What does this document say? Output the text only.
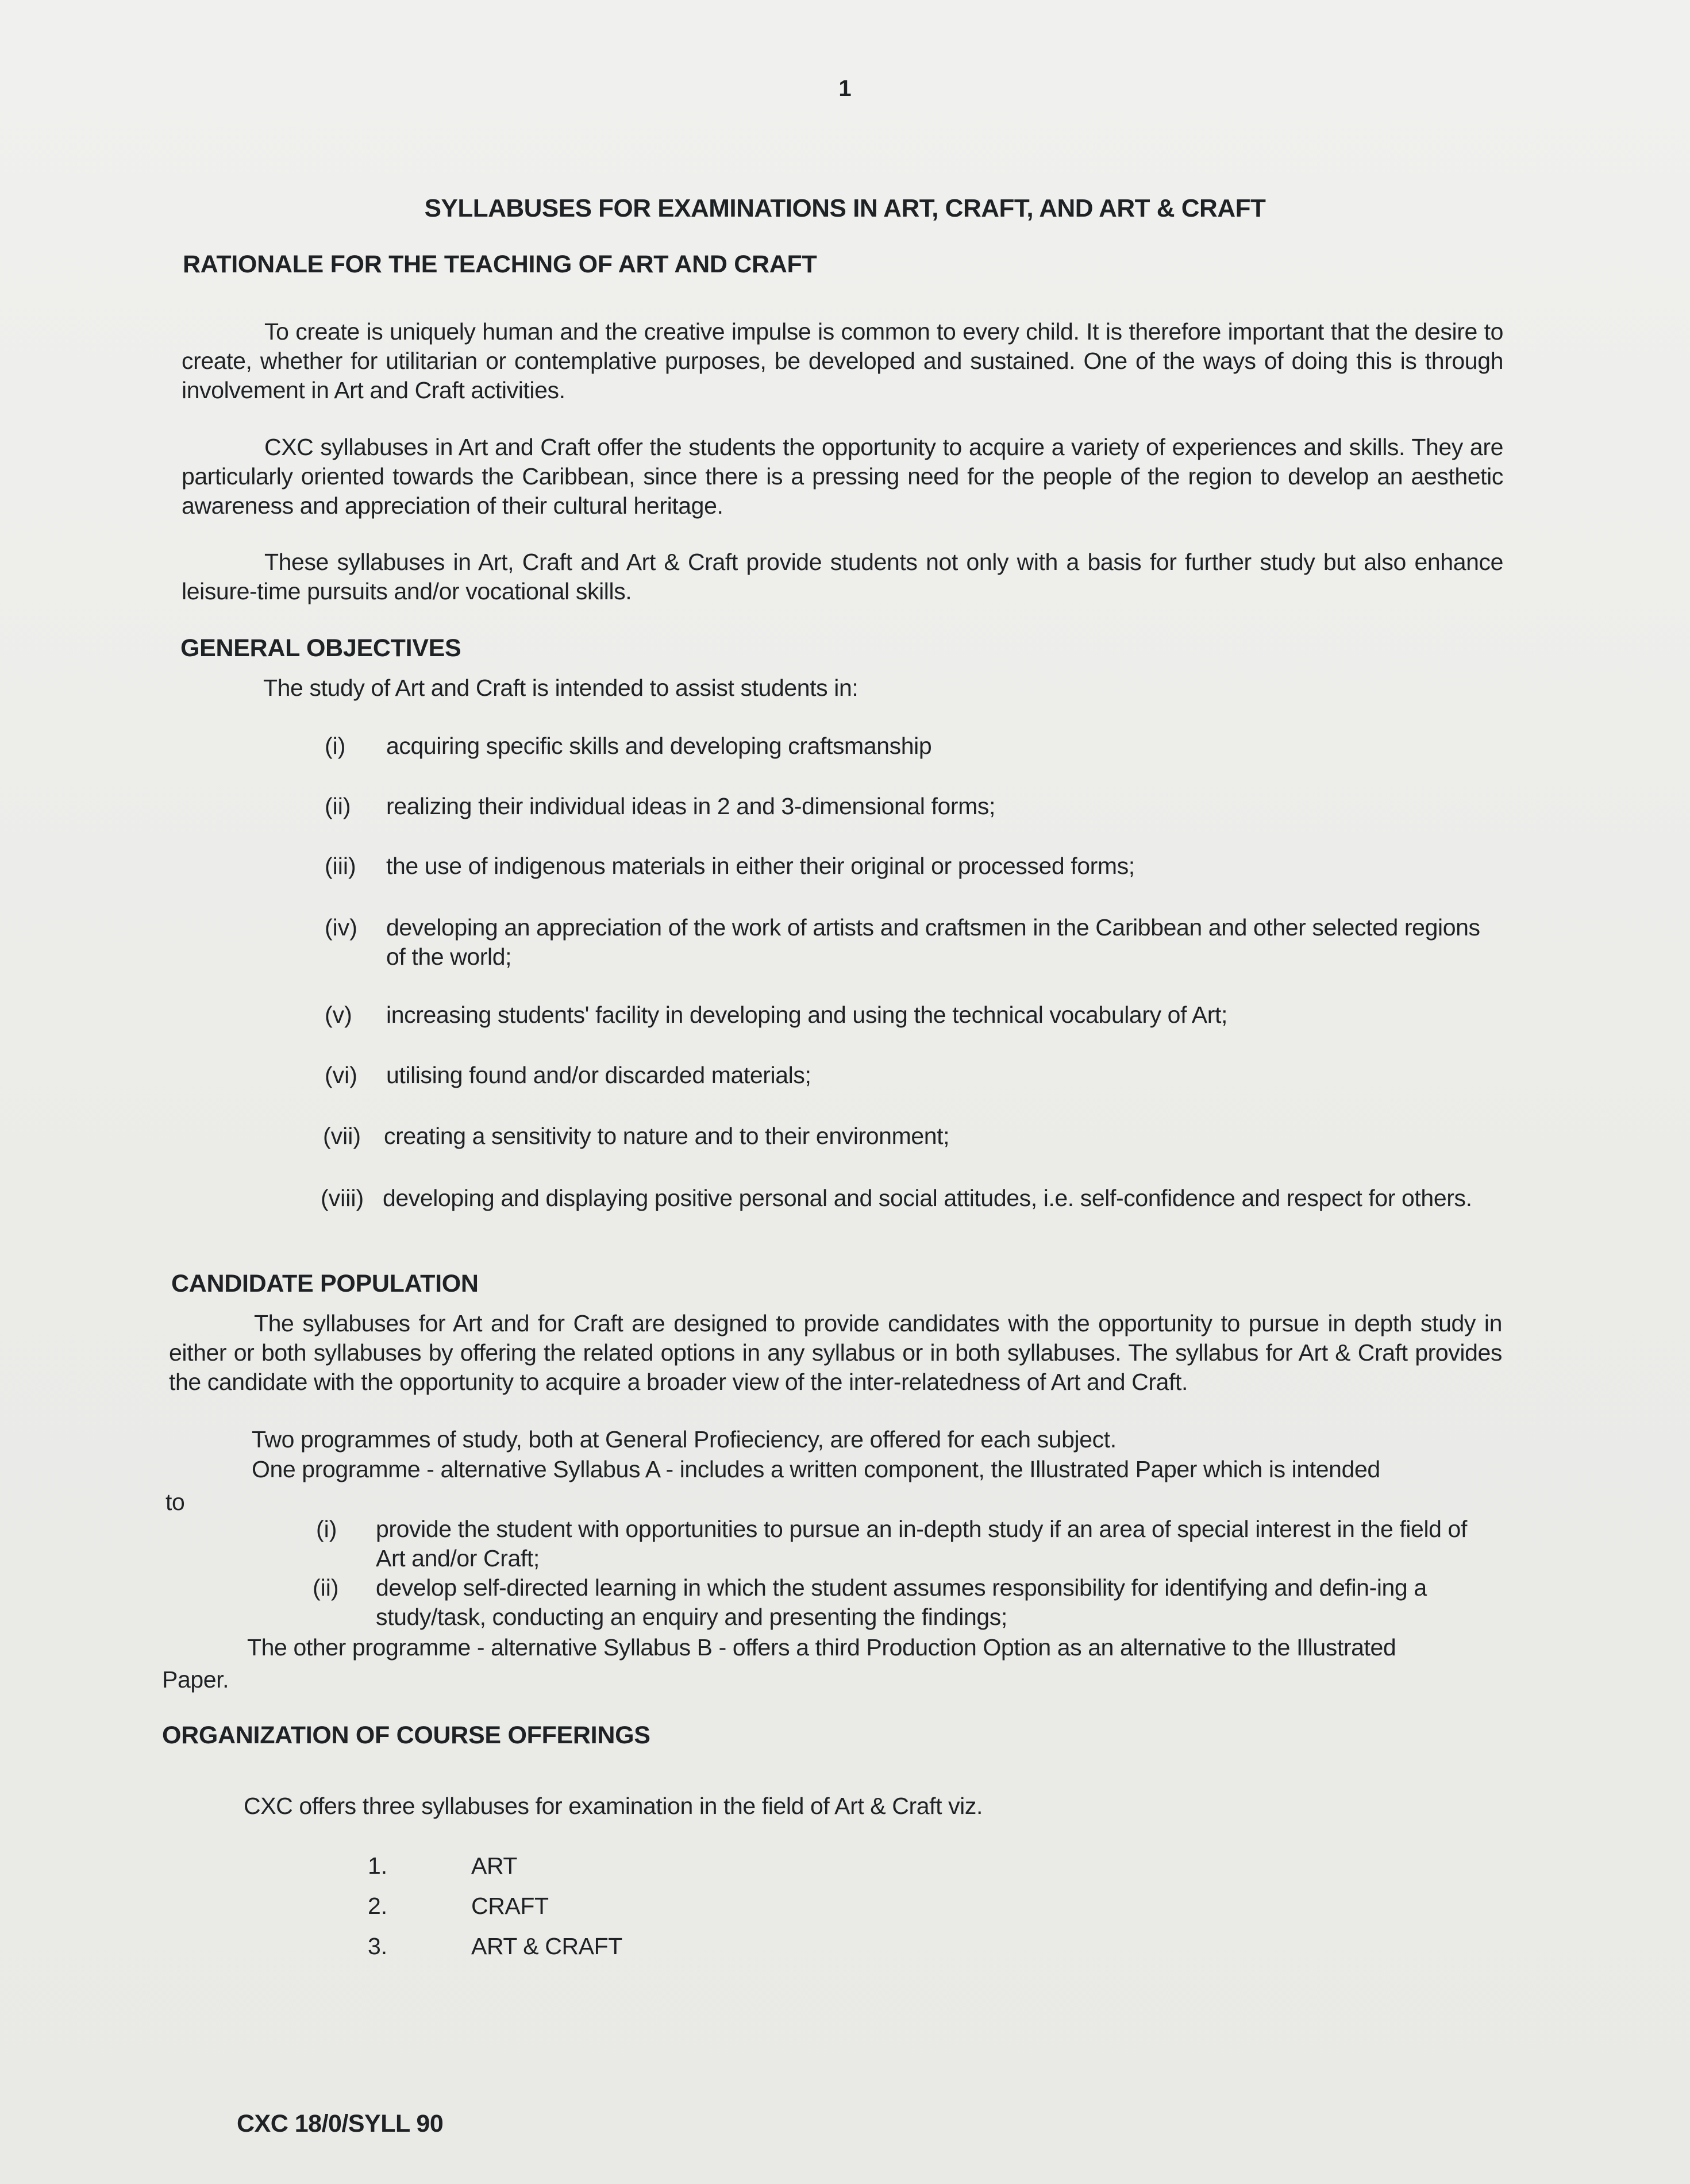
1
SYLLABUSES FOR EXAMINATIONS IN ART, CRAFT, AND ART & CRAFT
RATIONALE FOR THE TEACHING OF ART AND CRAFT
To create is uniquely human and the creative impulse is common to every child. It is therefore important that the desire to create, whether for utilitarian or contemplative purposes, be developed and sustained. One of the ways of doing this is through involvement in Art and Craft activities.
CXC syllabuses in Art and Craft offer the students the opportunity to acquire a variety of experiences and skills. They are particularly oriented towards the Caribbean, since there is a pressing need for the people of the region to develop an aesthetic awareness and appreciation of their cultural heritage.
These syllabuses in Art, Craft and Art & Craft provide students not only with a basis for further study but also enhance leisure-time pursuits and/or vocational skills.
GENERAL OBJECTIVES
The study of Art and Craft is intended to assist students in:
(i) acquiring specific skills and developing craftsmanship
(ii) realizing their individual ideas in 2 and 3-dimensional forms;
(iii) the use of indigenous materials in either their original or processed forms;
(iv) developing an appreciation of the work of artists and craftsmen in the Caribbean and other selected regions of the world;
(v) increasing students' facility in developing and using the technical vocabulary of Art;
(vi) utilising found and/or discarded materials;
(vii) creating a sensitivity to nature and to their environment;
(viii) developing and displaying positive personal and social attitudes, i.e. self-confidence and respect for others.
CANDIDATE POPULATION
The syllabuses for Art and for Craft are designed to provide candidates with the opportunity to pursue in depth study in either or both syllabuses by offering the related options in any syllabus or in both syllabuses. The syllabus for Art & Craft provides the candidate with the opportunity to acquire a broader view of the inter-relatedness of Art and Craft.
Two programmes of study, both at General Profieciency, are offered for each subject.
One programme - alternative Syllabus A - includes a written component, the Illustrated Paper which is intended
to
(i) provide the student with opportunities to pursue an in-depth study if an area of special interest in the field of Art and/or Craft;
(ii) develop self-directed learning in which the student assumes responsibility for identifying and defin-ing a study/task, conducting an enquiry and presenting the findings;
The other programme - alternative Syllabus B - offers a third Production Option as an alternative to the Illustrated
Paper.
ORGANIZATION OF COURSE OFFERINGS
CXC offers three syllabuses for examination in the field of Art & Craft viz.
1.	ART
2.	CRAFT
3.	ART & CRAFT
CXC 18/0/SYLL 90
